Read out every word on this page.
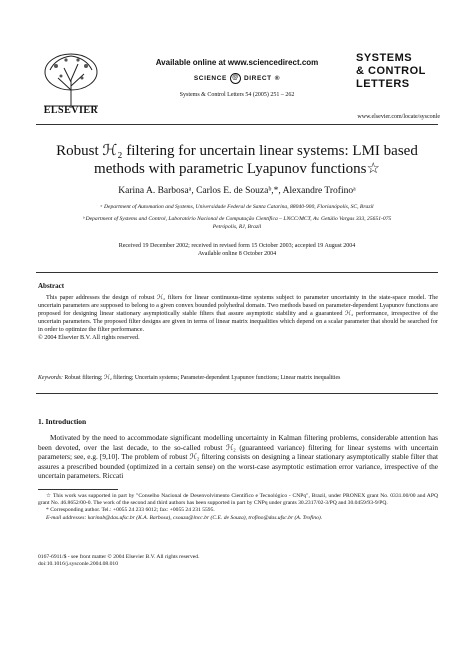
ELSEVIER
Available online at www.sciencedirect.com
SCIENCE @ DIRECT ®
Systems & Control Letters 54 (2005) 251 – 262
SYSTEMS
& CONTROL
LETTERS
www.elsevier.com/locate/sysconle
Robust ℋ₂ filtering for uncertain linear systems: LMI based methods with parametric Lyapunov functions☆
Karina A. Barbosaᵃ, Carlos E. de Souzaᵇ,*, Alexandre Trofinoᵃ
ᵃ Department of Automation and Systems, Universidade Federal de Santa Catarina, 88040-900, Florianópolis, SC, Brazil
ᵇ Department of Systems and Control, Laboratório Nacional de Computação Científica – LNCC/MCT, Av. Getúlio Vargas 333, 25651-075 Petrópolis, RJ, Brazil
Received 19 December 2002; received in revised form 15 October 2003; accepted 19 August 2004
Available online 8 October 2004
Abstract
This paper addresses the design of robust ℋ₂ filters for linear continuous-time systems subject to parameter uncertainty in the state-space model. The uncertain parameters are supposed to belong to a given convex bounded polyhedral domain. Two methods based on parameter-dependent Lyapunov functions are proposed for designing linear stationary asymptotically stable filters that assure asymptotic stability and a guaranteed ℋ₂ performance, irrespective of the uncertain parameters. The proposed filter designs are given in terms of linear matrix inequalities which depend on a scalar parameter that should be searched for in order to optimize the filter performance.
© 2004 Elsevier B.V. All rights reserved.
Keywords: Robust filtering; ℋ₂ filtering; Uncertain systems; Parameter-dependent Lyapunov functions; Linear matrix inequalities
1. Introduction

Motivated by the need to accommodate significant modelling uncertainty in Kalman filtering problems, considerable attention has been devoted, over the last decade, to the so-called robust ℋ₂ (guaranteed variance) filtering for linear systems with uncertain parameters; see, e.g. [9,10]. The problem of robust ℋ₂ filtering consists on designing a linear stationary asymptotically stable filter that assures a prescribed bounded (optimized in a certain sense) on the worst-case asymptotic estimation error variance, irrespective of the uncertain parameters. Riccati

☆ This work was supported in part by "Conselho Nacional de Desenvolvimento Científico e Tecnológico - CNPq", Brazil, under PRONEX grant No. 0331.00/00 and APQ grant No. 46.8652/00-0. The work of the second and third authors has been supported in part by CNPq under grants 30.2317/02-3/PQ and 30.0459/93-9/PQ.

* Corresponding author. Tel.: +0055 24 233 6012; fax: +0055 24 231 5595.

E-mail addresses: karinab@das.ufsc.br (K.A. Barbosa), csouza@lncc.br (C.E. de Souza), trofino@das.ufsc.br (A. Trofino).

0167-6911/$ - see front matter © 2004 Elsevier B.V. All rights reserved.
doi:10.1016/j.sysconle.2004.08.010
